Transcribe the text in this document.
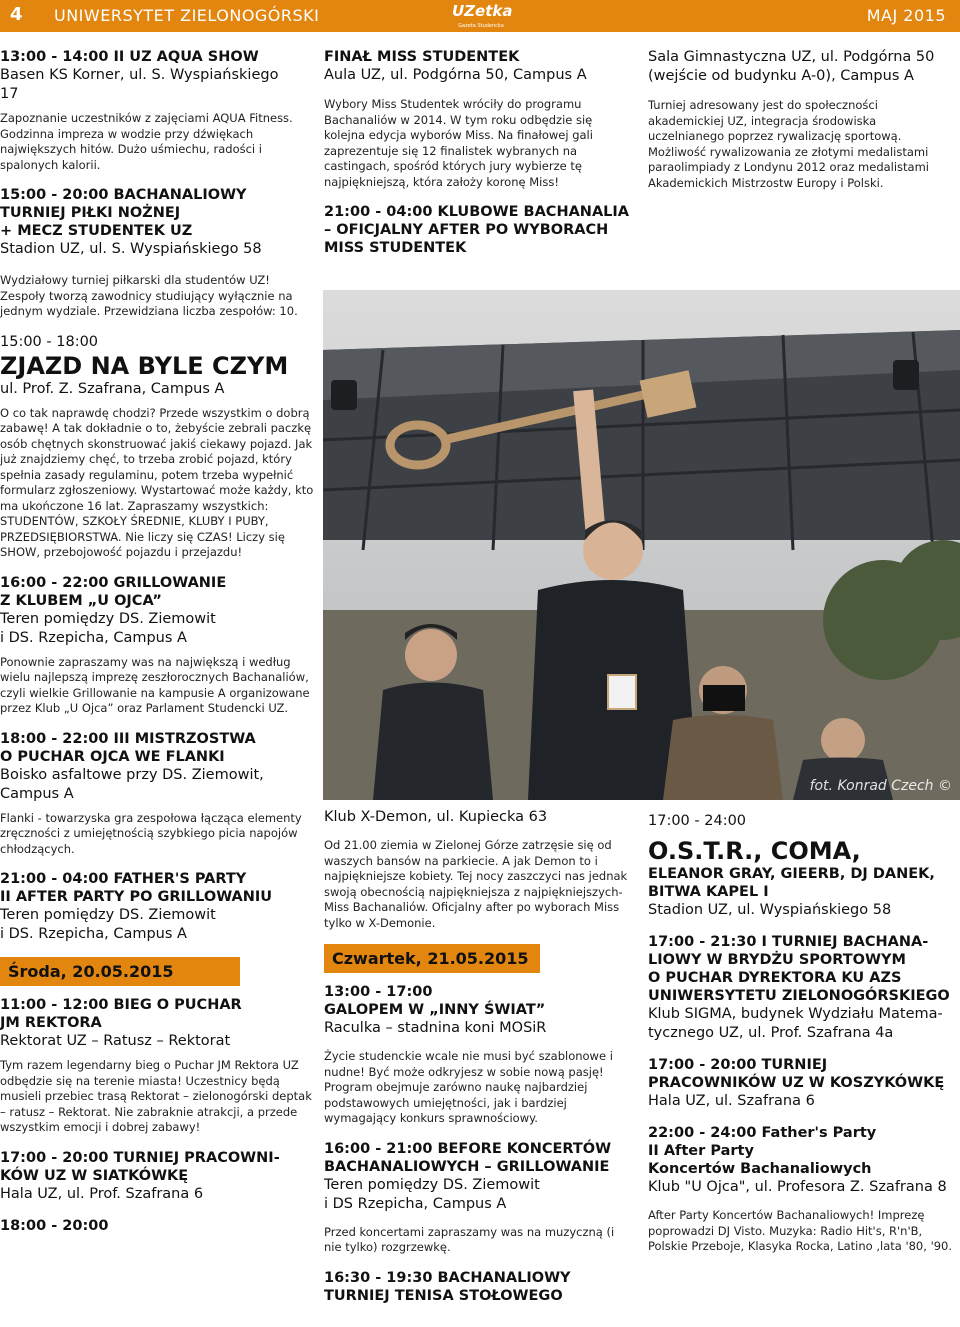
4 UNIWERSYTET ZIELONOGÓRSKI	UZetka
Gazeta Studencka
MAJ 2015
13:00 - 14:00 II UZ AQUA SHOW
Basen KS Korner, ul. S. Wyspiańskiego
17
Zapoznanie uczestników z zajęciami AQUA Fitness. Godzinna impreza w wodzie przy dźwiękach największych hitów. Dużo uśmiechu, radości i spalonych kalorii.
15:00 - 20:00 BACHANALIOWY
TURNIEJ PIŁKI NOŻNEJ
+ MECZ STUDENTEK UZ
Stadion UZ, ul. S. Wyspiańskiego 58
Wydziałowy turniej piłkarski dla studentów UZ! Zespoły tworzą zawodnicy studiujący wyłącznie na jednym wydziale. Przewidziana liczba zespołów: 10.
15:00 - 18:00
ZJAZD NA BYLE CZYM
ul. Prof. Z. Szafrana, Campus A
O co tak naprawdę chodzi? Przede wszystkim o dobrą zabawę! A tak dokładnie o to, żebyście zebrali paczkę osób chętnych skonstruować jakiś ciekawy pojazd. Jak już znajdziemy chęć, to trzeba zrobić pojazd, który spełnia zasady regulaminu, potem trzeba wypełnić formularz zgłoszeniowy. Wystartować może każdy, kto ma ukończone 16 lat. Zapraszamy wszystkich: STUDENTÓW, SZKOŁY ŚREDNIE, KLUBY I PUBY, PRZEDSIĘBIORSTWA. Nie liczy się CZAS! Liczy się SHOW, przebojowość pojazdu i przejazdu!
16:00 - 22:00 GRILLOWANIE
Z KLUBEM „U OJCA”
Teren pomiędzy DS. Ziemowit
i DS. Rzepicha, Campus A
Ponownie zapraszamy was na największą i według wielu najlepszą imprezę zeszłorocznych Bachanaliów, czyli wielkie Grillowanie na kampusie A organizowane przez Klub „U Ojca” oraz Parlament Studencki UZ.
18:00 - 22:00 III MISTRZOSTWA
O PUCHAR OJCA WE FLANKI
Boisko asfaltowe przy DS. Ziemowit,
Campus A
Flanki - towarzyska gra zespołowa łącząca elementy zręczności z umiejętnością szybkiego picia napojów chłodzących.
21:00 - 04:00 FATHER'S PARTY
II AFTER PARTY PO GRILLOWANIU
Teren pomiędzy DS. Ziemowit
i DS. Rzepicha, Campus A
Środa, 20.05.2015
11:00 - 12:00 BIEG O PUCHAR
JM REKTORA
Rektorat UZ – Ratusz – Rektorat
Tym razem legendarny bieg o Puchar JM Rektora UZ odbędzie się na terenie miasta! Uczestnicy będą musieli przebiec trasą Rektorat – zielonogórski deptak – ratusz – Rektorat. Nie zabraknie atrakcji, a przede wszystkim emocji i dobrej zabawy!
17:00 - 20:00 TURNIEJ PRACOWNI-
KÓW UZ W SIATKÓWKĘ
Hala UZ, ul. Prof. Szafrana 6
18:00 - 20:00
FINAŁ MISS STUDENTEK
Aula UZ, ul. Podgórna 50, Campus A
Wybory Miss Studentek wróciły do programu Bachanaliów w 2014. W tym roku odbędzie się kolejna edycja wyborów Miss. Na finałowej gali zaprezentuje się 12 finalistek wybranych na castingach, spośród których jury wybierze tę najpiękniejszą, która założy koronę Miss!
21:00 - 04:00 KLUBOWE BACHANALIA
– OFICJALNY AFTER PO WYBORACH
MISS STUDENTEK
Sala Gimnastyczna UZ, ul. Podgórna 50
(wejście od budynku A-0), Campus A
Turniej adresowany jest do społeczności akademickiej UZ, integracja środowiska uczelnianego poprzez rywalizację sportową. Możliwość rywalizowania ze złotymi medalistami paraolimpiady z Londynu 2012 oraz medalistami Akademickich Mistrzostw Europy i Polski.
fot. Konrad Czech ©
Klub X-Demon, ul. Kupiecka 63
Od 21.00 ziemia w Zielonej Górze zatrzęsie się od waszych bansów na parkiecie. A jak Demon to i najpiękniejsze kobiety. Tej nocy zaszczyci nas jednak swoją obecnością najpiękniejsza z najpiękniejszych- Miss Bachanaliów. Oficjalny after po wyborach Miss tylko w X-Demonie.
Czwartek, 21.05.2015
13:00 - 17:00
GALOPEM W „INNY ŚWIAT”
Raculka – stadnina koni MOSiR
Życie studenckie wcale nie musi być szablonowe i nudne! Być może odkryjesz w sobie nową pasję! Program obejmuje zarówno naukę najbardziej podstawowych umiejętności, jak i bardziej wymagający konkurs sprawnościowy.
16:00 - 21:00 BEFORE KONCERTÓW
BACHANALIOWYCH – GRILLOWANIE
Teren pomiędzy DS. Ziemowit
i DS Rzepicha, Campus A
Przed koncertami zapraszamy was na muzyczną (i nie tylko) rozgrzewkę.
16:30 - 19:30 BACHANALIOWY
TURNIEJ TENISA STOŁOWEGO
17:00 - 24:00
O.S.T.R., COMA,
ELEANOR GRAY, GIEERB, DJ DANEK,
BITWA KAPEL I
Stadion UZ, ul. Wyspiańskiego 58
17:00 - 21:30 I TURNIEJ BACHANA-
LIOWY W BRYDŻU SPORTOWYM
O PUCHAR DYREKTORA KU AZS
UNIWERSYTETU ZIELONOGÓRSKIEGO
Klub SIGMA, budynek Wydziału Matema-
tycznego UZ, ul. Prof. Szafrana 4a
17:00 - 20:00 TURNIEJ
PRACOWNIKÓW UZ W KOSZYKÓWKĘ
Hala UZ, ul. Szafrana 6
22:00 - 24:00 Father's Party
II After Party
Koncertów Bachanaliowych
Klub "U Ojca", ul. Profesora Z. Szafrana 8
After Party Koncertów Bachanaliowych! Imprezę poprowadzi DJ Visto. Muzyka: Radio Hit's, R'n'B, Polskie Przeboje, Klasyka Rocka, Latino ,lata '80, '90.
